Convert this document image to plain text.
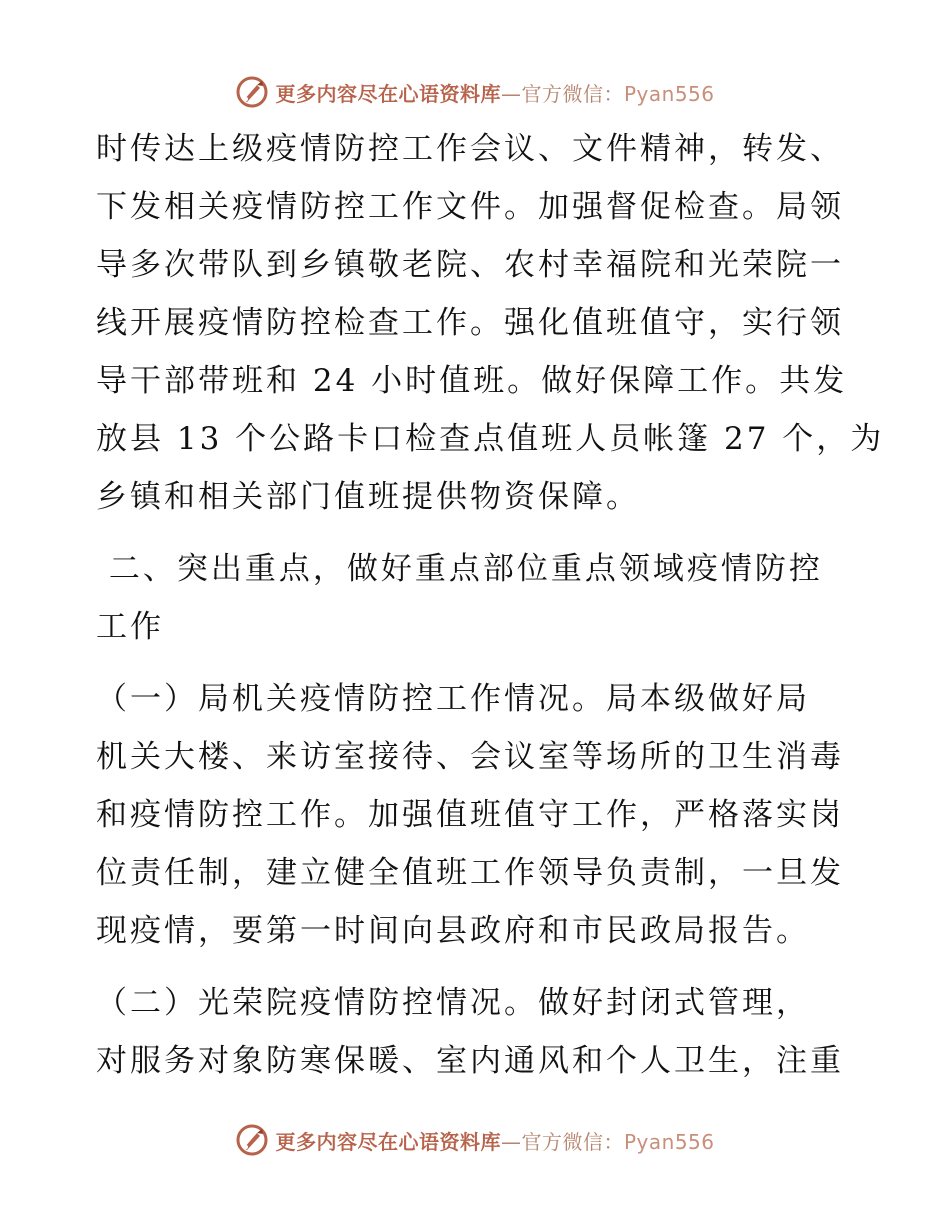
更多内容尽在心语资料库—官方微信：Pyan556
时传达上级疫情防控工作会议、文件精神，转发、
下发相关疫情防控工作文件。加强督促检查。局领
导多次带队到乡镇敬老院、农村幸福院和光荣院一
线开展疫情防控检查工作。强化值班值守，实行领
导干部带班和 24 小时值班。做好保障工作。共发
放县 13 个公路卡口检查点值班人员帐篷 27 个，为
乡镇和相关部门值班提供物资保障。
二、突出重点，做好重点部位重点领域疫情防控
工作
（一）局机关疫情防控工作情况。局本级做好局
机关大楼、来访室接待、会议室等场所的卫生消毒
和疫情防控工作。加强值班值守工作，严格落实岗
位责任制，建立健全值班工作领导负责制，一旦发
现疫情，要第一时间向县政府和市民政局报告。
（二）光荣院疫情防控情况。做好封闭式管理，
对服务对象防寒保暖、室内通风和个人卫生，注重
更多内容尽在心语资料库—官方微信：Pyan556
